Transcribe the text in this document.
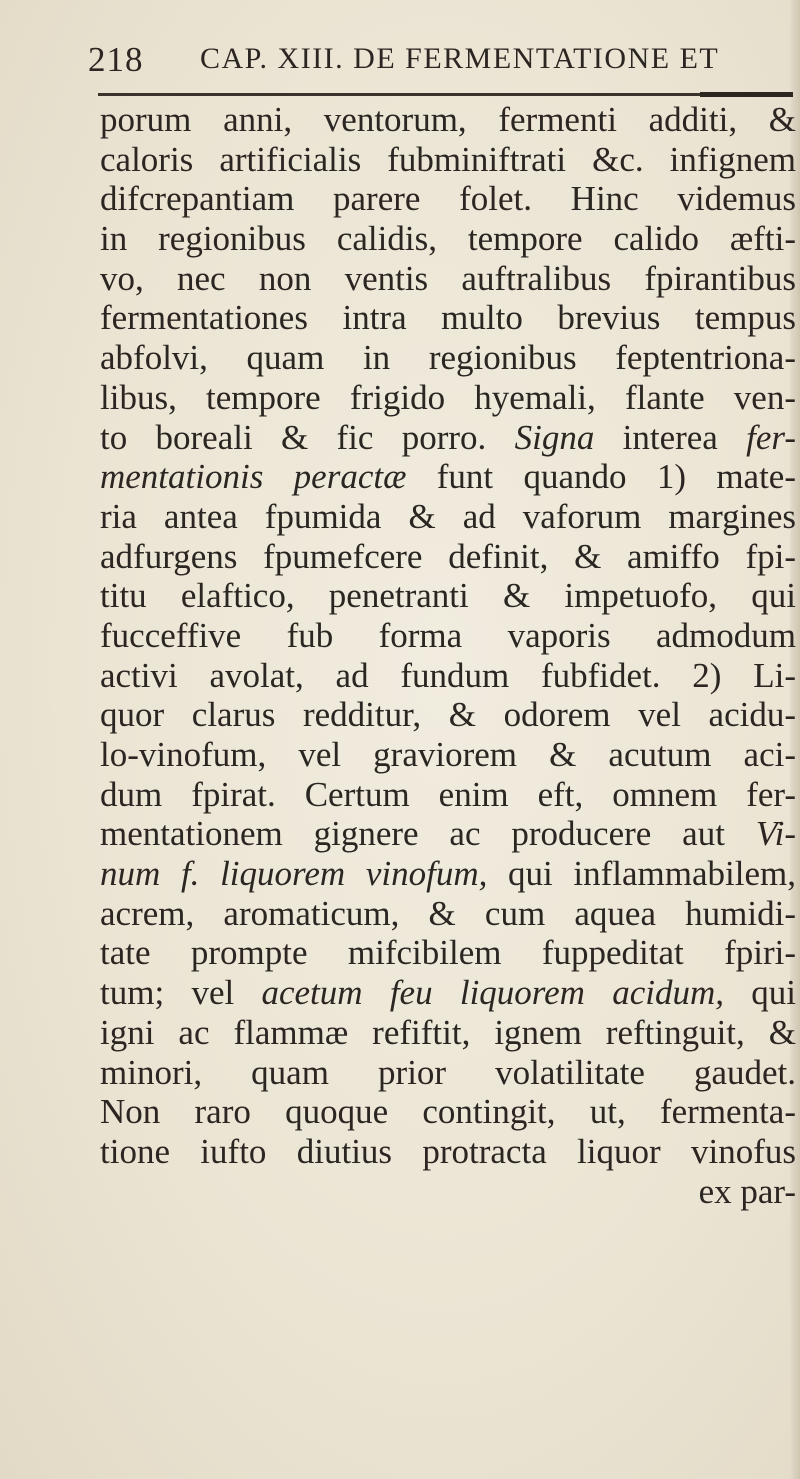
218 CAP. XIII. DE FERMENTATIONE ET
porum anni, ventorum, fermenti additi, &
caloris artificialis fubminiftrati &c. infignem
difcrepantiam parere folet. Hinc videmus
in regionibus calidis, tempore calido æfti-
vo, nec non ventis auftralibus fpirantibus
fermentationes intra multo brevius tempus
abfolvi, quam in regionibus feptentriona-
libus, tempore frigido hyemali, flante ven-
to boreali & fic porro. Signa interea fer-
mentationis peractæ funt quando 1) mate-
ria antea fpumida & ad vaforum margines
adfurgens fpumefcere definit, & amiffo fpi-
titu elaftico, penetranti & impetuofo, qui
fucceffive fub forma vaporis admodum
activi avolat, ad fundum fubfidet. 2) Li-
quor clarus redditur, & odorem vel acidu-
lo-vinofum, vel graviorem & acutum aci-
dum fpirat. Certum enim eft, omnem fer-
mentationem gignere ac producere aut Vi-
num f. liquorem vinofum, qui inflammabilem,
acrem, aromaticum, & cum aquea humidi-
tate prompte mifcibilem fuppeditat fpiri-
tum; vel acetum feu liquorem acidum, qui
igni ac flammæ refiftit, ignem reftinguit, &
minori, quam prior volatilitate gaudet.
Non raro quoque contingit, ut, fermenta-
tione iufto diutius protracta liquor vinofus
ex par-
